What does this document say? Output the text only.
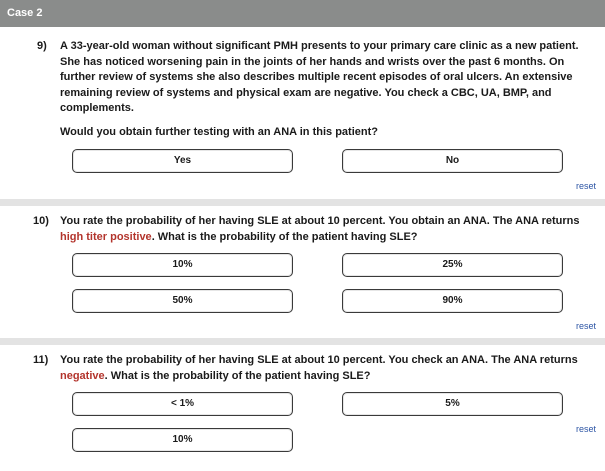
Case 2
9) A 33-year-old woman without significant PMH presents to your primary care clinic as a new patient. She has noticed worsening pain in the joints of her hands and wrists over the past 6 months. On further review of systems she also describes multiple recent episodes of oral ulcers. An extensive remaining review of systems and physical exam are negative. You check a CBC, UA, BMP, and complements.
Would you obtain further testing with an ANA in this patient?
Yes	No
reset
10) You rate the probability of her having SLE at about 10 percent. You obtain an ANA. The ANA returns high titer positive. What is the probability of the patient having SLE?
10%	25%
50%	90%
reset
11) You rate the probability of her having SLE at about 10 percent. You check an ANA. The ANA returns negative. What is the probability of the patient having SLE?
< 1%	5%
10%
reset
